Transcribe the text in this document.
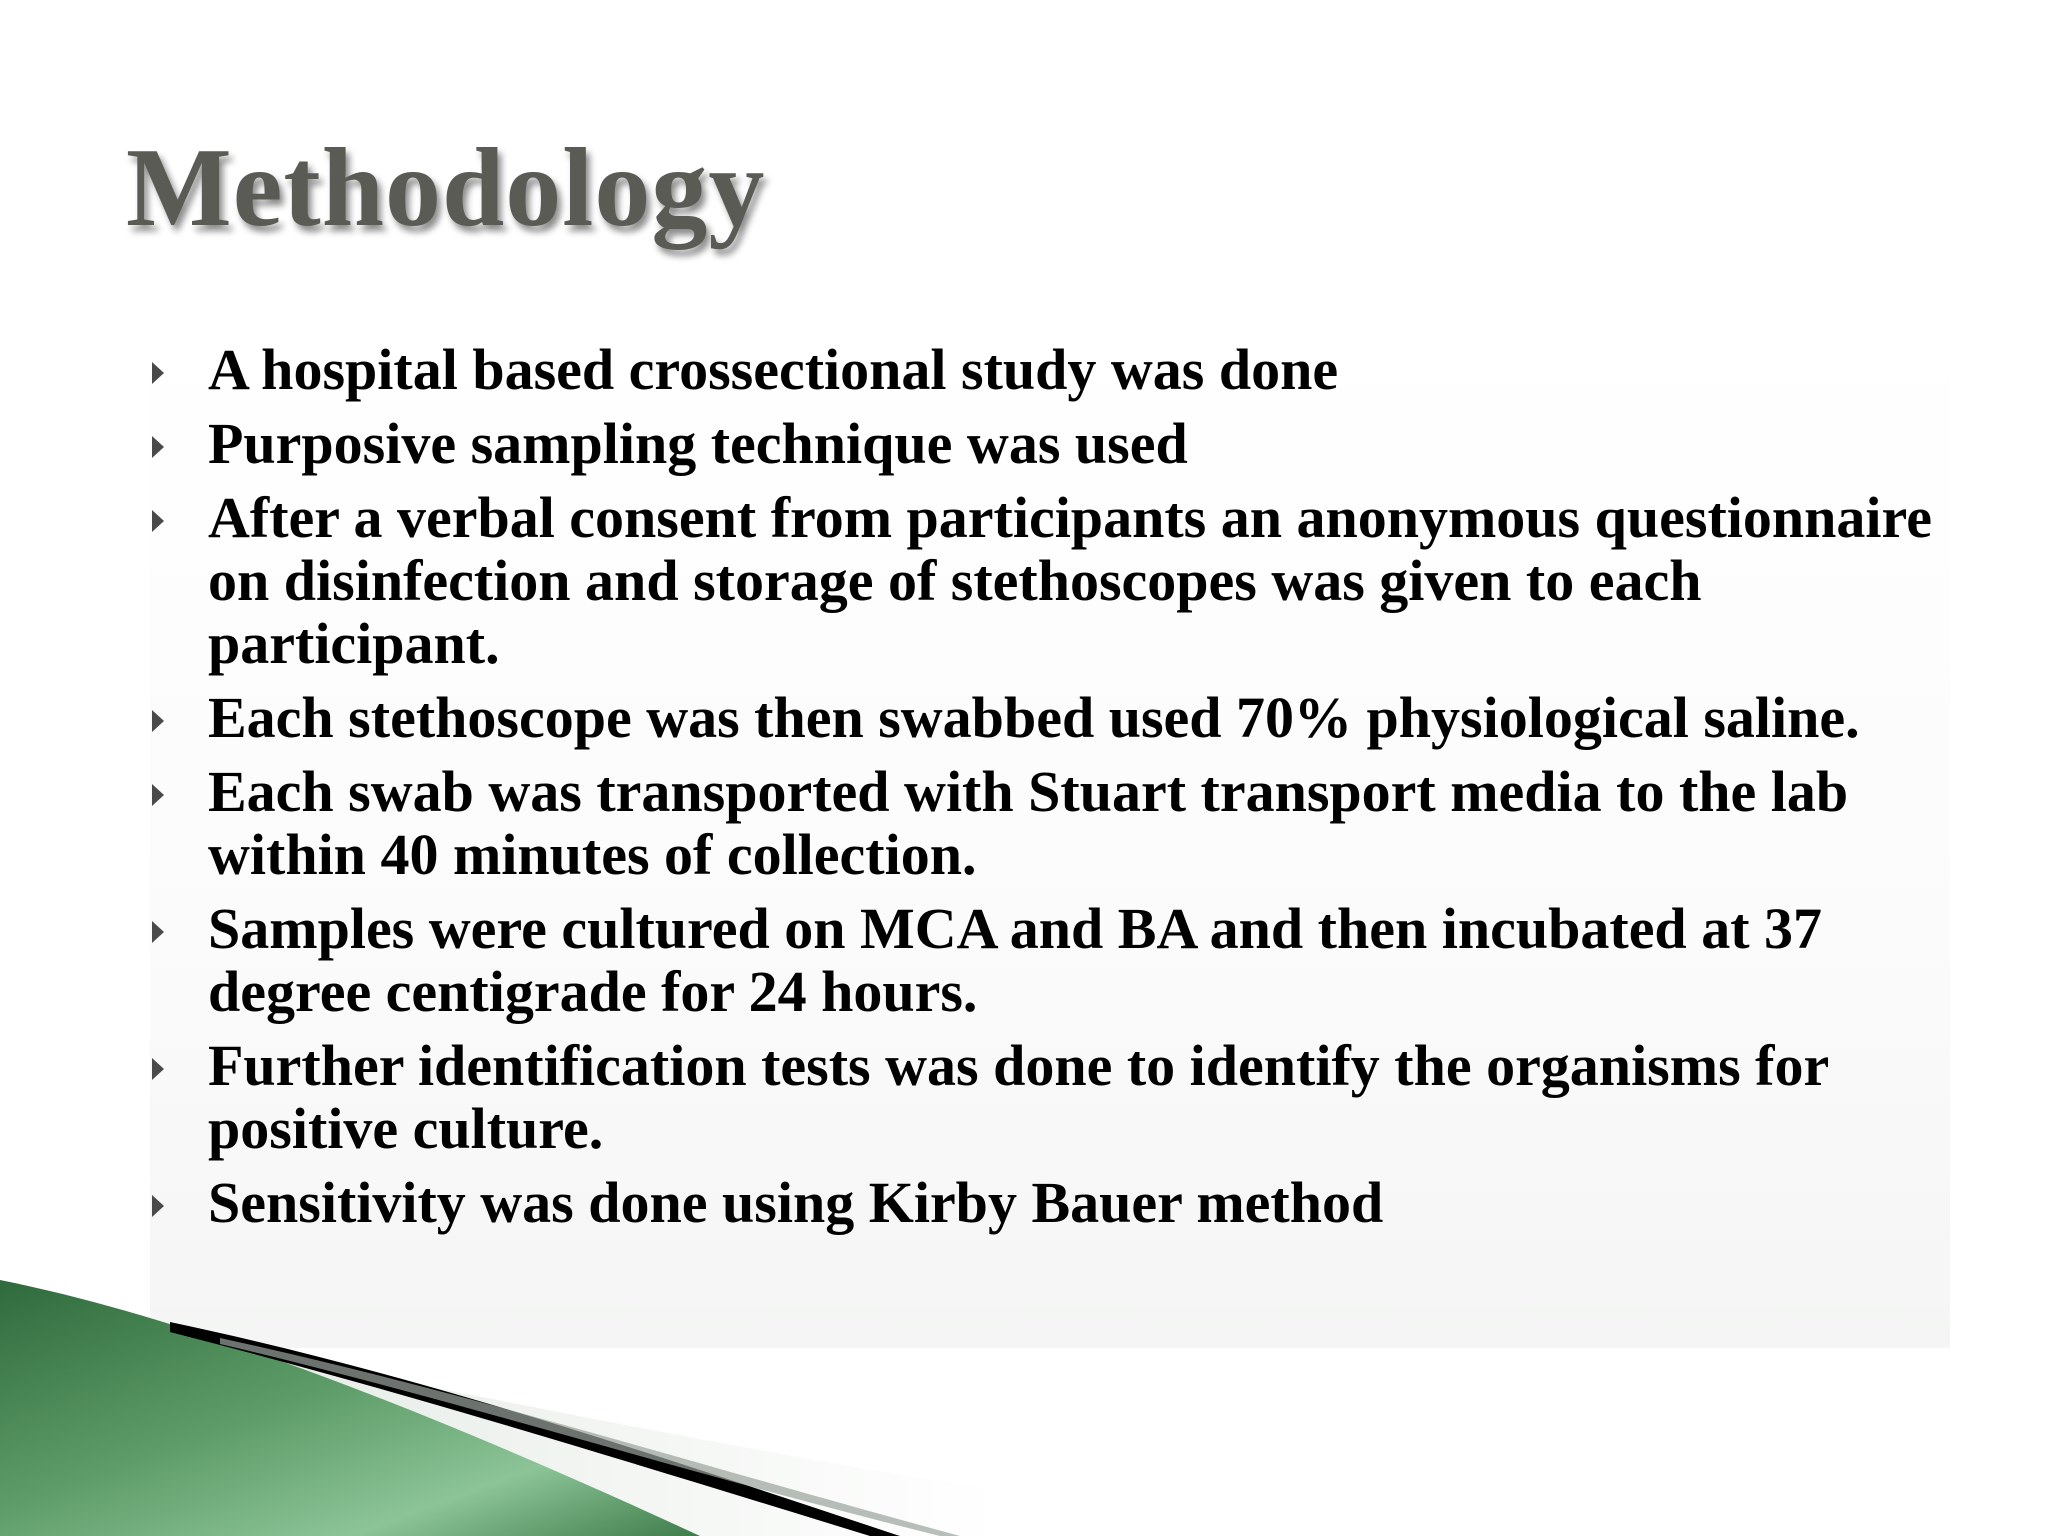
Methodology
A hospital based crossectional study was done
Purposive sampling technique was used
After a verbal consent from participants an anonymous questionnaire on disinfection and storage of stethoscopes was given to each participant.
Each stethoscope was then swabbed used 70% physiological saline.
Each swab was transported with Stuart transport media to the lab within 40 minutes of collection.
Samples were cultured on MCA and BA and then incubated at 37 degree centigrade for 24 hours.
Further identification tests was done to identify the organisms for positive culture.
Sensitivity was done using Kirby Bauer method
